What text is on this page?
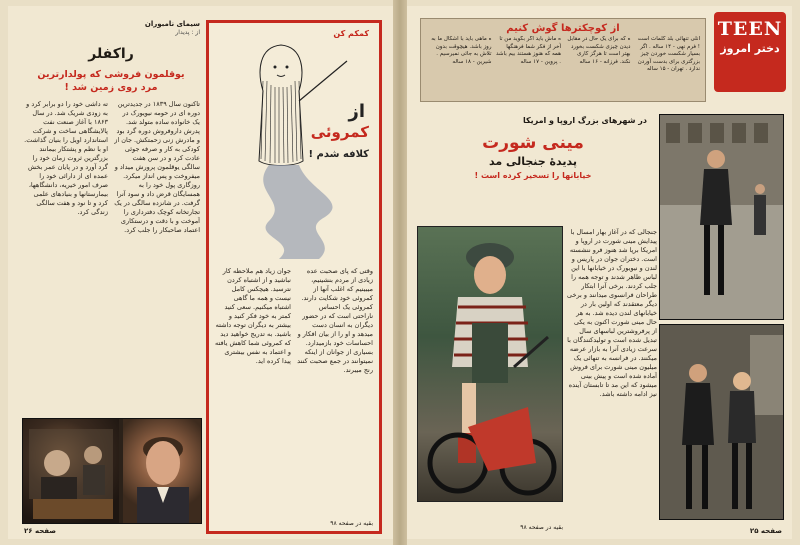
سیمای نامبوران
از : پدیدار
راکفلر
یوقلمون فروشی که پولدارترین مرد روی زمین شد !
تاکنون سال ۱۸۳۹ در جدیدترین دوره ای در حومه نیویورک در یک خانواده ساده متولد شد. پدرش داروفروش دوره گرد بود و مادرش زنی زحمتکش. جان از کودکی به کار و صرفه جوئی عادت کرد و در سن هفت سالگی یوقلمون پرورش میداد و میفروخت و پس انداز میکرد. روزگاری پول خود را به همسایگان قرض داد و سود آنرا گرفت. در شانزده سالگی در یک تجارتخانه کوچک دفترداری را آموخت و با دقت و درستکاری اعتماد صاحبکار را جلب کرد.
ته داشی خود را دو برابر کرد و به زودی شریک شد. در سال ۱۸۶۳ با آغاز صنعت نفت پالایشگاهی ساخت و شرکت استاندارد اویل را بنیان گذاشت. او با نظم و پشتکار بیمانند بزرگترین ثروت زمان خود را گرد آورد و در پایان عمر بخش عمده ای از دارائی خود را صرف امور خیریه، دانشگاهها، بیمارستانها و بنیادهای علمی کرد و تا نود و هفت سالگی زندگی کرد.
کمکم کن
از
کمروئی
کلافه شدم !
وقتی که پای صحبت عده زیادی از مردم بنشینیم، میبینیم که اغلب آنها از کمروئی خود شکایت دارند. کمروئی یک احساس ناراحتی است که در حضور دیگران به انسان دست میدهد و او را از بیان افکار و احساسات خود بازمیدارد. بسیاری از جوانان از اینکه نمیتوانند در جمع صحبت کنند رنج میبرند.
جوان زیاد هم ملاحظه کار نباشید و از اشتباه کردن نترسید. هیچکس کامل نیست و همه ما گاهی اشتباه میکنیم. سعی کنید کمتر به خود فکر کنید و بیشتر به دیگران توجه داشته باشید. به تدریج خواهید دید که کمروئی شما کاهش یافته و اعتماد به نفس بیشتری پیدا کرده اید.
بقیه در صفحه ۹۸
صفحه ۲۶
TEEN
دختر امروز
از کوچکترها گوش کنیم
آنلی تنهائی بلد کلمات است ! فرم نهی - ۱۴ ساله . اگر بسیار شکست خوردن چیز بزرگتری برای بدست آوردن ندارد . تهران - ۱۵ ساله
ه که برای یک حال در مقابل دیدن چیزی شکست بخورد بهتر است تا هرگز کاری نکند. فرزانه - ۱۶ ساله
ه ماش باید اگر بگوید من تا آخر از فکر شما فرهنگها همه که هنوز هستند بیم باشد . پروین - ۱۷ ساله
ه ماهی باید با اشکال ما به روز باشد. هیچوقت بدون تلاش به جائی نمیرسیم . شیرین - ۱۸ ساله
در شهرهای بزرگ اروپا و امریکا
مینی شورت
پدیدهٔ جنجالی مد
خیابانها را تسخیر کرده است !
جنجالی که در آغاز بهار امسال با پیدایش مینی شورت در اروپا و امریکا برپا شد هنوز فرو ننشسته است. دختران جوان در پاریس و لندن و نیویورک در خیابانها با این لباس ظاهر شدند و توجه همه را جلب کردند. برخی آنرا ابتکار طراحان فرانسوی میدانند و برخی دیگر معتقدند که اولین بار در خیابانهای لندن دیده شد. به هر حال مینی شورت اکنون به یکی از پرفروشترین لباسهای سال تبدیل شده است و تولیدکنندگان با سرعت زیادی آنرا به بازار عرضه میکنند. در فرانسه به تنهائی یک میلیون مینی شورت برای فروش آماده شده است و پیش بینی میشود که این مد تا تابستان آینده نیز ادامه داشته باشد.
بقیه در صفحه ۹۸	صفحه ۲۵
